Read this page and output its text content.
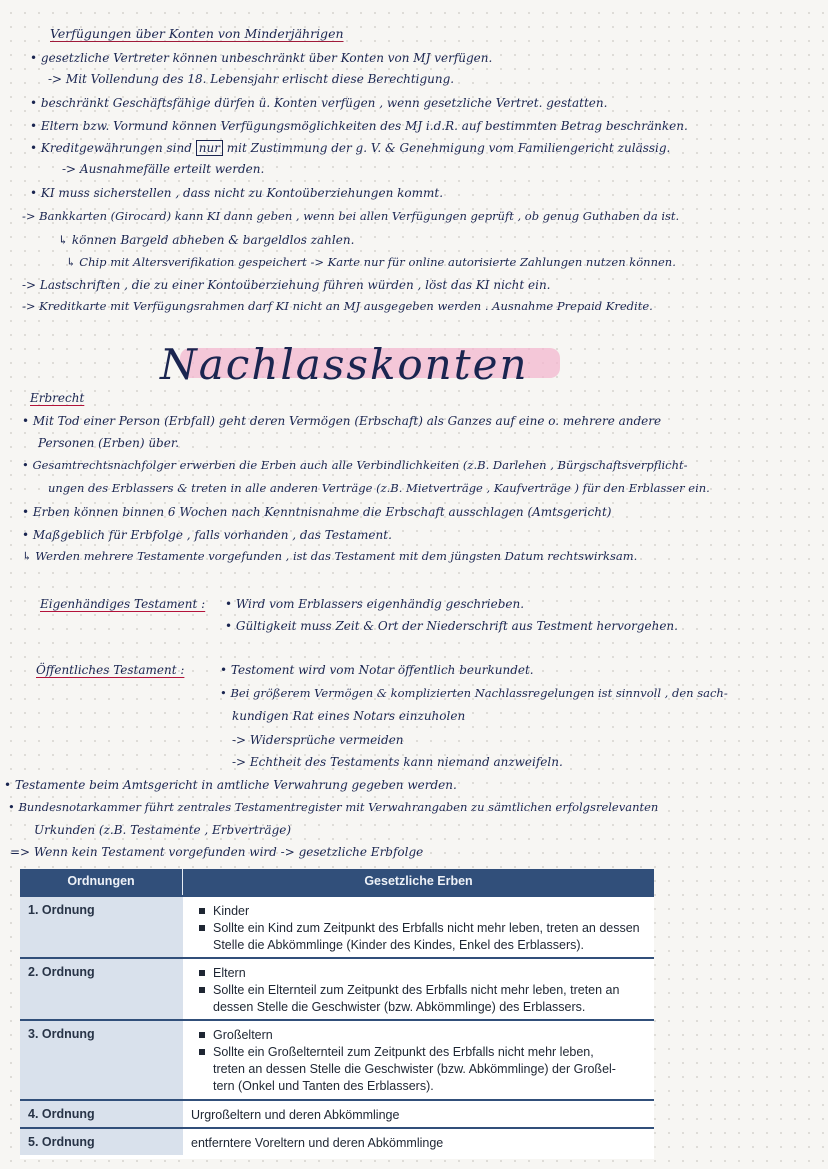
Verfügungen über Konten von Minderjährigen
• gesetzliche Vertreter können unbeschränkt über Konten von MJ verfügen.
-> Mit Vollendung des 18. Lebensjahr erlischt diese Berechtigung.
• beschränkt Geschäftsfähige dürfen ü. Konten verfügen , wenn gesetzliche Vertret. gestatten.
• Eltern bzw. Vormund können Verfügungsmöglichkeiten des MJ i.d.R. auf bestimmten Betrag beschränken.
• Kreditgewährungen sind nur mit Zustimmung der g. V. & Genehmigung vom Familiengericht zulässig.
-> Ausnahmefälle erteilt werden.
• KI muss sicherstellen , dass nicht zu Kontoüberziehungen kommt.
-> Bankkarten (Girocard) kann KI dann geben , wenn bei allen Verfügungen geprüft , ob genug Guthaben da ist.
↳ können Bargeld abheben & bargeldlos zahlen.
↳ Chip mit Altersverifikation gespeichert -> Karte nur für online autorisierte Zahlungen nutzen können.
-> Lastschriften , die zu einer Kontoüberziehung führen würden , löst das KI nicht ein.
-> Kreditkarte mit Verfügungsrahmen darf KI nicht an MJ ausgegeben werden . Ausnahme Prepaid Kredite.
Nachlasskonten
Erbrecht
• Mit Tod einer Person (Erbfall) geht deren Vermögen (Erbschaft) als Ganzes auf eine o. mehrere andere
Personen (Erben) über.
• Gesamtrechtsnachfolger erwerben die Erben auch alle Verbindlichkeiten (z.B. Darlehen , Bürgschaftsverpflicht-
ungen des Erblassers & treten in alle anderen Verträge (z.B. Mietverträge , Kaufverträge ) für den Erblasser ein.
• Erben können binnen 6 Wochen nach Kenntnisnahme die Erbschaft ausschlagen (Amtsgericht)
• Maßgeblich für Erbfolge , falls vorhanden , das Testament.
↳ Werden mehrere Testamente vorgefunden , ist das Testament mit dem jüngsten Datum rechtswirksam.
Eigenhändiges Testament : • Wird vom Erblassers eigenhändig geschrieben.
• Gültigkeit muss Zeit & Ort der Niederschrift aus Testment hervorgehen.
Öffentliches Testament :	• Testoment wird vom Notar öffentlich beurkundet.
• Bei größerem Vermögen & komplizierten Nachlassregelungen ist sinnvoll , den sach-
kundigen Rat eines Notars einzuholen
-> Widersprüche vermeiden
-> Echtheit des Testaments kann niemand anzweifeln.
• Testamente beim Amtsgericht in amtliche Verwahrung gegeben werden.
• Bundesnotarkammer führt zentrales Testamentregister mit Verwahrangaben zu sämtlichen erfolgsrelevanten
Urkunden (z.B. Testamente , Erbverträge)
=> Wenn kein Testament vorgefunden wird -> gesetzliche Erbfolge
Ordnungen	Gesetzliche Erben
1. Ordnung	Kinder
Sollte ein Kind zum Zeitpunkt des Erbfalls nicht mehr leben, treten an dessen
Stelle die Abkömmlinge (Kinder des Kindes, Enkel des Erblassers).
2. Ordnung	Eltern
Sollte ein Elternteil zum Zeitpunkt des Erbfalls nicht mehr leben, treten an
dessen Stelle die Geschwister (bzw. Abkömmlinge) des Erblassers.
3. Ordnung	Großeltern
Sollte ein Großelternteil zum Zeitpunkt des Erbfalls nicht mehr leben,
treten an dessen Stelle die Geschwister (bzw. Abkömmlinge) der Großel-
tern (Onkel und Tanten des Erblassers).
4. Ordnung	Urgroßeltern und deren Abkömmlinge
5. Ordnung	entferntere Voreltern und deren Abkömmlinge
